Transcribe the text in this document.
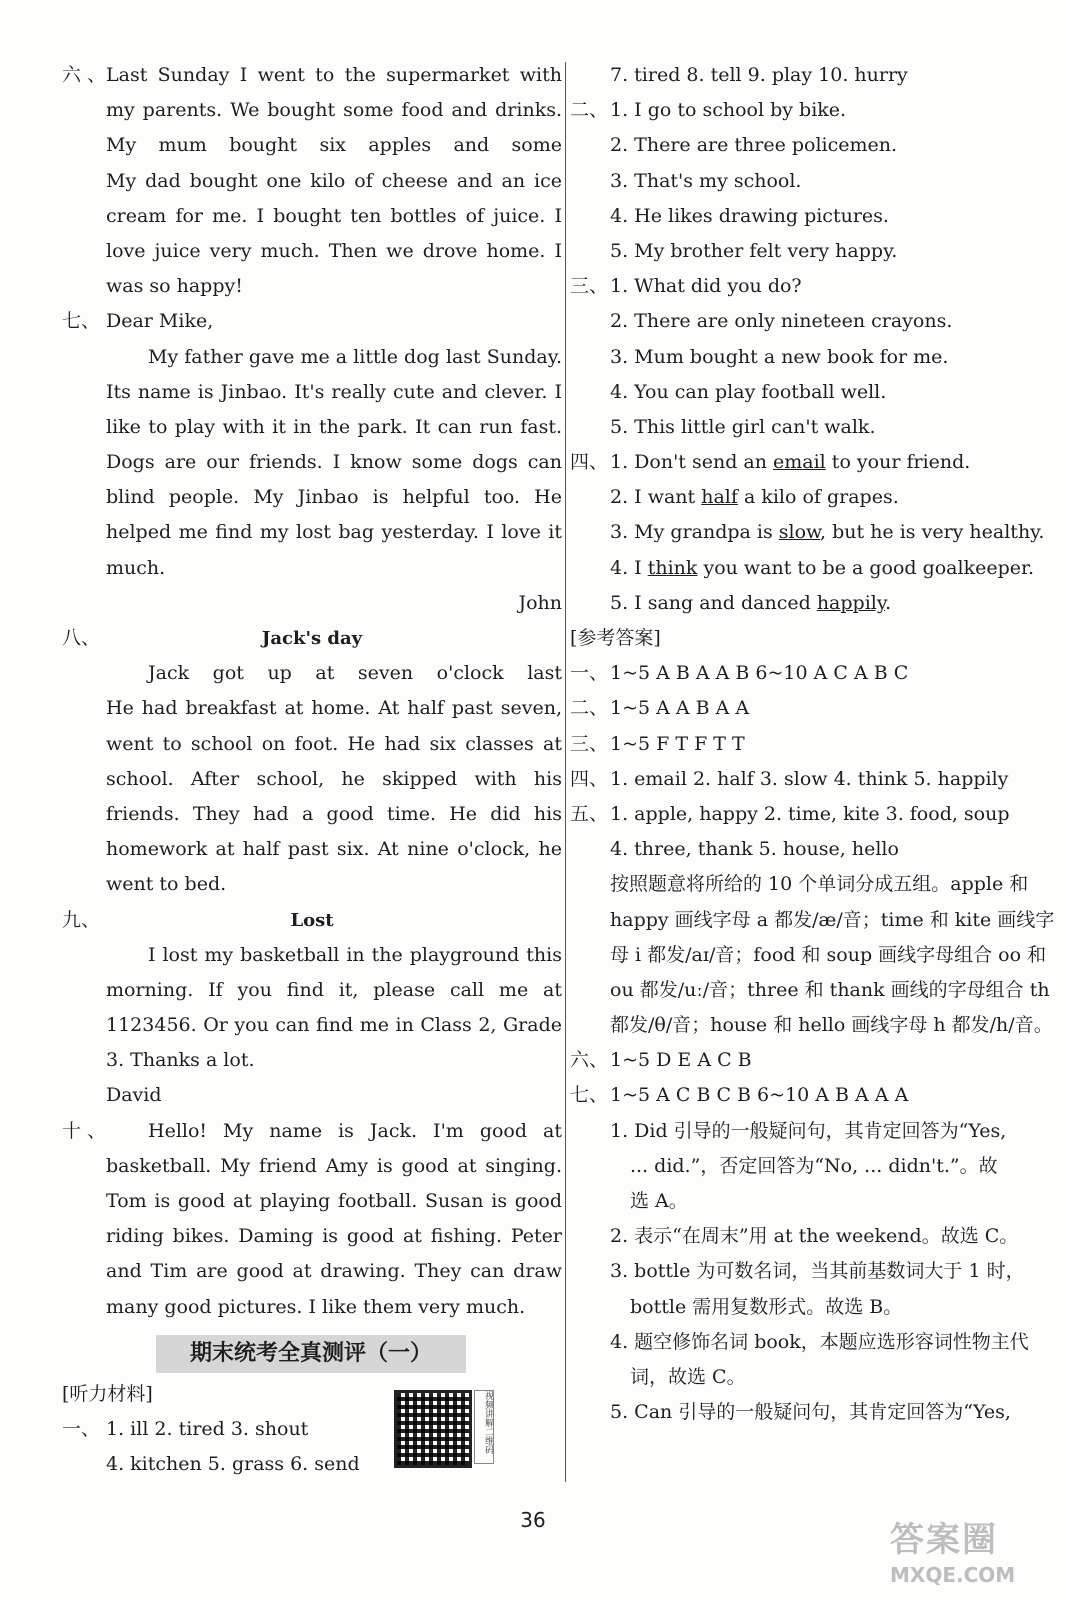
六、Last Sunday I went to the supermarket with
my parents. We bought some food and drinks.
My mum bought six apples and some
My dad bought one kilo of cheese and an ice
cream for me. I bought ten bottles of juice. I
love juice very much. Then we drove home. I
was so happy!
七、 Dear Mike,
My father gave me a little dog last Sunday.
Its name is Jinbao. It's really cute and clever. I
like to play with it in the park. It can run fast.
Dogs are our friends. I know some dogs can
blind people. My Jinbao is helpful too. He
helped me find my lost bag yesterday. I love it
much.
John
八、	Jack's day
Jack got up at seven o'clock last
He had breakfast at home. At half past seven,
went to school on foot. He had six classes at
school. After school, he skipped with his
friends. They had a good time. He did his
homework at half past six. At nine o'clock, he
went to bed.
九、	Lost
I lost my basketball in the playground this
morning. If you find it, please call me at
1123456. Or you can find me in Class 2, Grade
3. Thanks a lot.
David
十、 Hello! My name is Jack. I'm good at
basketball. My friend Amy is good at singing.
Tom is good at playing football. Susan is good
riding bikes. Daming is good at fishing. Peter
and Tim are good at drawing. They can draw
many good pictures. I like them very much.
期末统考全真测评（一）
[听力材料]
一、 1. ill 2. tired 3. shout
4. kitchen 5. grass 6. send
视频讲解二维码
7. tired 8. tell 9. play 10. hurry
二、 1. I go to school by bike.
2. There are three policemen.
3. That's my school.
4. He likes drawing pictures.
5. My brother felt very happy.
三、 1. What did you do?
2. There are only nineteen crayons.
3. Mum bought a new book for me.
4. You can play football well.
5. This little girl can't walk.
四、 1. Don't send an email to your friend.
2. I want half a kilo of grapes.
3. My grandpa is slow, but he is very healthy.
4. I think you want to be a good goalkeeper.
5. I sang and danced happily.
[参考答案]
一、 1~5 A B A A B 6~10 A C A B C
二、 1~5 A A B A A
三、 1~5 F T F T T
四、 1. email 2. half 3. slow 4. think 5. happily
五、 1. apple, happy 2. time, kite 3. food, soup
4. three, thank 5. house, hello
按照题意将所给的 10 个单词分成五组。apple 和
happy 画线字母 a 都发/æ/音；time 和 kite 画线字
母 i 都发/aɪ/音；food 和 soup 画线字母组合 oo 和
ou 都发/uː/音；three 和 thank 画线的字母组合 th
都发/θ/音；house 和 hello 画线字母 h 都发/h/音。
六、 1~5 D E A C B
七、 1~5 A C B C B 6~10 A B A A A
1. Did 引导的一般疑问句，其肯定回答为“Yes,
... did.”，否定回答为“No, ... didn't.”。故
选 A。
2. 表示“在周末”用 at the weekend。故选 C。
3. bottle 为可数名词，当其前基数词大于 1 时，
bottle 需用复数形式。故选 B。
4. 题空修饰名词 book，本题应选形容词性物主代
词，故选 C。
5. Can 引导的一般疑问句，其肯定回答为“Yes,
36	答案圈
MXQE.COM
